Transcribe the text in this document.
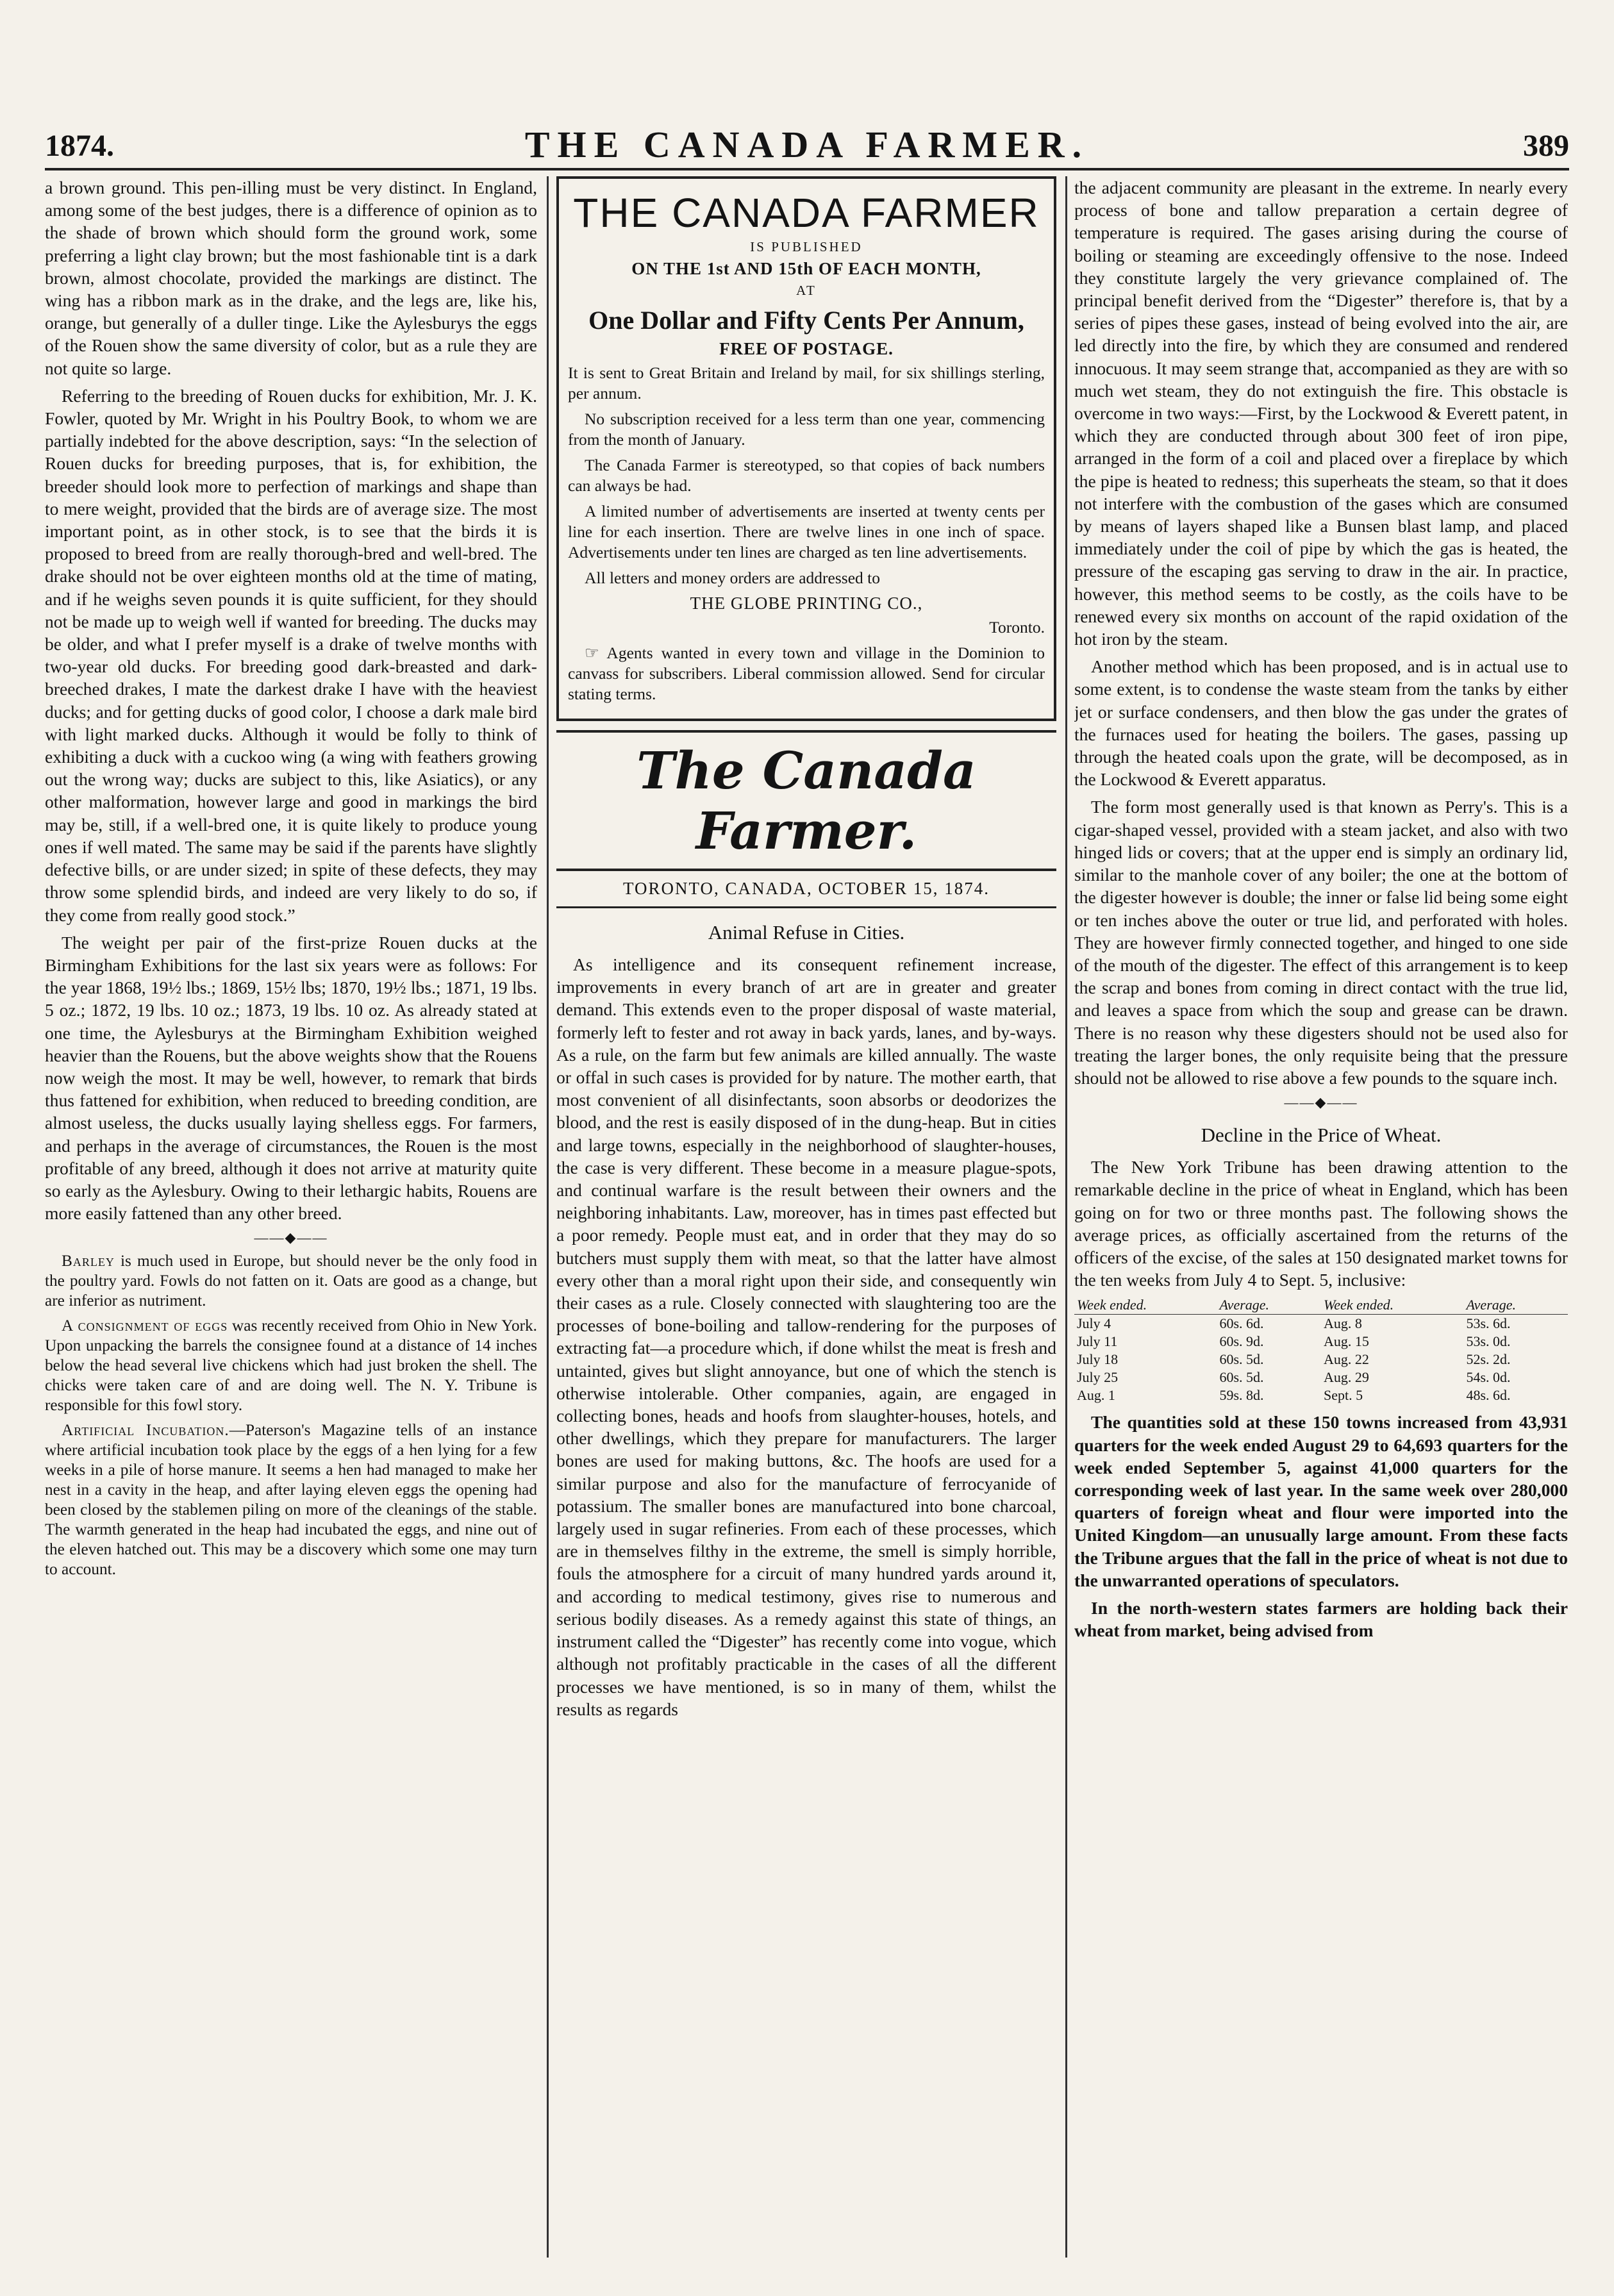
1874.	THE CANADA FARMER.	389

a brown ground. This pen-illing must be very distinct. In England, among some of the best judges, there is a difference of opinion as to the shade of brown which should form the ground work, some preferring a light clay brown; but the most fashionable tint is a dark brown, almost chocolate, provided the markings are distinct. The wing has a ribbon mark as in the drake, and the legs are, like his, orange, but generally of a duller tinge. Like the Aylesburys the eggs of the Rouen show the same diversity of color, but as a rule they are not quite so large.

Referring to the breeding of Rouen ducks for exhibition, Mr. J. K. Fowler, quoted by Mr. Wright in his Poultry Book, to whom we are partially indebted for the above description, says: “In the selection of Rouen ducks for breeding purposes, that is, for exhibition, the breeder should look more to perfection of markings and shape than to mere weight, provided that the birds are of average size. The most important point, as in other stock, is to see that the birds it is proposed to breed from are really thorough-bred and well-bred. The drake should not be over eighteen months old at the time of mating, and if he weighs seven pounds it is quite sufficient, for they should not be made up to weigh well if wanted for breeding. The ducks may be older, and what I prefer myself is a drake of twelve months with two-year old ducks. For breeding good dark-breasted and dark-breeched drakes, I mate the darkest drake I have with the heaviest ducks; and for getting ducks of good color, I choose a dark male bird with light marked ducks. Although it would be folly to think of exhibiting a duck with a cuckoo wing (a wing with feathers growing out the wrong way; ducks are subject to this, like Asiatics), or any other malformation, however large and good in markings the bird may be, still, if a well-bred one, it is quite likely to produce young ones if well mated. The same may be said if the parents have slightly defective bills, or are under sized; in spite of these defects, they may throw some splendid birds, and indeed are very likely to do so, if they come from really good stock.”

The weight per pair of the first-prize Rouen ducks at the Birmingham Exhibitions for the last six years were as follows: For the year 1868, 19½ lbs.; 1869, 15½ lbs; 1870, 19½ lbs.; 1871, 19 lbs. 5 oz.; 1872, 19 lbs. 10 oz.; 1873, 19 lbs. 10 oz. As already stated at one time, the Aylesburys at the Birmingham Exhibition weighed heavier than the Rouens, but the above weights show that the Rouens now weigh the most. It may be well, however, to remark that birds thus fattened for exhibition, when reduced to breeding condition, are almost useless, the ducks usually laying shelless eggs. For farmers, and perhaps in the average of circumstances, the Rouen is the most profitable of any breed, although it does not arrive at maturity quite so early as the Aylesbury. Owing to their lethargic habits, Rouens are more easily fattened than any other breed.

——◆——

Barley is much used in Europe, but should never be the only food in the poultry yard. Fowls do not fatten on it. Oats are good as a change, but are inferior as nutriment.

A consignment of eggs was recently received from Ohio in New York. Upon unpacking the barrels the consignee found at a distance of 14 inches below the head several live chickens which had just broken the shell. The chicks were taken care of and are doing well. The N. Y. Tribune is responsible for this fowl story.

Artificial Incubation.—Paterson's Magazine tells of an instance where artificial incubation took place by the eggs of a hen lying for a few weeks in a pile of horse manure. It seems a hen had managed to make her nest in a cavity in the heap, and after laying eleven eggs the opening had been closed by the stablemen piling on more of the cleanings of the stable. The warmth generated in the heap had incubated the eggs, and nine out of the eleven hatched out. This may be a discovery which some one may turn to account.

THE CANADA FARMER
IS PUBLISHED
ON THE 1st AND 15th OF EACH MONTH,
AT
One Dollar and Fifty Cents Per Annum,
FREE OF POSTAGE.

It is sent to Great Britain and Ireland by mail, for six shillings sterling, per annum.

No subscription received for a less term than one year, commencing from the month of January.

The Canada Farmer is stereotyped, so that copies of back numbers can always be had.

A limited number of advertisements are inserted at twenty cents per line for each insertion. There are twelve lines in one inch of space. Advertisements under ten lines are charged as ten line advertisements.

All letters and money orders are addressed to

THE GLOBE PRINTING CO.,

Toronto.

☞ Agents wanted in every town and village in the Dominion to canvass for subscribers. Liberal commission allowed. Send for circular stating terms.

The Canada Farmer.
TORONTO, CANADA, OCTOBER 15, 1874.
Animal Refuse in Cities.

As intelligence and its consequent refinement increase, improvements in every branch of art are in greater and greater demand. This extends even to the proper disposal of waste material, formerly left to fester and rot away in back yards, lanes, and by-ways. As a rule, on the farm but few animals are killed annually. The waste or offal in such cases is provided for by nature. The mother earth, that most convenient of all disinfectants, soon absorbs or deodorizes the blood, and the rest is easily disposed of in the dung-heap. But in cities and large towns, especially in the neighborhood of slaughter-houses, the case is very different. These become in a measure plague-spots, and continual warfare is the result between their owners and the neighboring inhabitants. Law, moreover, has in times past effected but a poor remedy. People must eat, and in order that they may do so butchers must supply them with meat, so that the latter have almost every other than a moral right upon their side, and consequently win their cases as a rule. Closely connected with slaughtering too are the processes of bone-boiling and tallow-rendering for the purposes of extracting fat—a procedure which, if done whilst the meat is fresh and untainted, gives but slight annoyance, but one of which the stench is otherwise intolerable. Other companies, again, are engaged in collecting bones, heads and hoofs from slaughter-houses, hotels, and other dwellings, which they prepare for manufacturers. The larger bones are used for making buttons, &c. The hoofs are used for a similar purpose and also for the manufacture of ferrocyanide of potassium. The smaller bones are manufactured into bone charcoal, largely used in sugar refineries. From each of these processes, which are in themselves filthy in the extreme, the smell is simply horrible, fouls the atmosphere for a circuit of many hundred yards around it, and according to medical testimony, gives rise to numerous and serious bodily diseases. As a remedy against this state of things, an instrument called the “Digester” has recently come into vogue, which although not profitably practicable in the cases of all the different processes we have mentioned, is so in many of them, whilst the results as regards

the adjacent community are pleasant in the extreme. In nearly every process of bone and tallow preparation a certain degree of temperature is required. The gases arising during the course of boiling or steaming are exceedingly offensive to the nose. Indeed they constitute largely the very grievance complained of. The principal benefit derived from the “Digester” therefore is, that by a series of pipes these gases, instead of being evolved into the air, are led directly into the fire, by which they are consumed and rendered innocuous. It may seem strange that, accompanied as they are with so much wet steam, they do not extinguish the fire. This obstacle is overcome in two ways:—First, by the Lockwood & Everett patent, in which they are conducted through about 300 feet of iron pipe, arranged in the form of a coil and placed over a fireplace by which the pipe is heated to redness; this superheats the steam, so that it does not interfere with the combustion of the gases which are consumed by means of layers shaped like a Bunsen blast lamp, and placed immediately under the coil of pipe by which the gas is heated, the pressure of the escaping gas serving to draw in the air. In practice, however, this method seems to be costly, as the coils have to be renewed every six months on account of the rapid oxidation of the hot iron by the steam.

Another method which has been proposed, and is in actual use to some extent, is to condense the waste steam from the tanks by either jet or surface condensers, and then blow the gas under the grates of the furnaces used for heating the boilers. The gases, passing up through the heated coals upon the grate, will be decomposed, as in the Lockwood & Everett apparatus.

The form most generally used is that known as Perry's. This is a cigar-shaped vessel, provided with a steam jacket, and also with two hinged lids or covers; that at the upper end is simply an ordinary lid, similar to the manhole cover of any boiler; the one at the bottom of the digester however is double; the inner or false lid being some eight or ten inches above the outer or true lid, and perforated with holes. They are however firmly connected together, and hinged to one side of the mouth of the digester. The effect of this arrangement is to keep the scrap and bones from coming in direct contact with the true lid, and leaves a space from which the soup and grease can be drawn. There is no reason why these digesters should not be used also for treating the larger bones, the only requisite being that the pressure should not be allowed to rise above a few pounds to the square inch.

——◆——
Decline in the Price of Wheat.

The New York Tribune has been drawing attention to the remarkable decline in the price of wheat in England, which has been going on for two or three months past. The following shows the average prices, as officially ascertained from the returns of the officers of the excise, of the sales at 150 designated market towns for the ten weeks from July 4 to Sept. 5, inclusive:

Week ended.	Average.	Week ended.	Average.
July 4	60s. 6d.	Aug. 8	53s. 6d.
July 11	60s. 9d.	Aug. 15	53s. 0d.
July 18	60s. 5d.	Aug. 22	52s. 2d.
July 25	60s. 5d.	Aug. 29	54s. 0d.
Aug. 1	59s. 8d.	Sept. 5	48s. 6d.

The quantities sold at these 150 towns increased from 43,931 quarters for the week ended August 29 to 64,693 quarters for the week ended September 5, against 41,000 quarters for the corresponding week of last year. In the same week over 280,000 quarters of foreign wheat and flour were imported into the United Kingdom—an unusually large amount. From these facts the Tribune argues that the fall in the price of wheat is not due to the unwarranted operations of speculators.

In the north-western states farmers are holding back their wheat from market, being advised from
